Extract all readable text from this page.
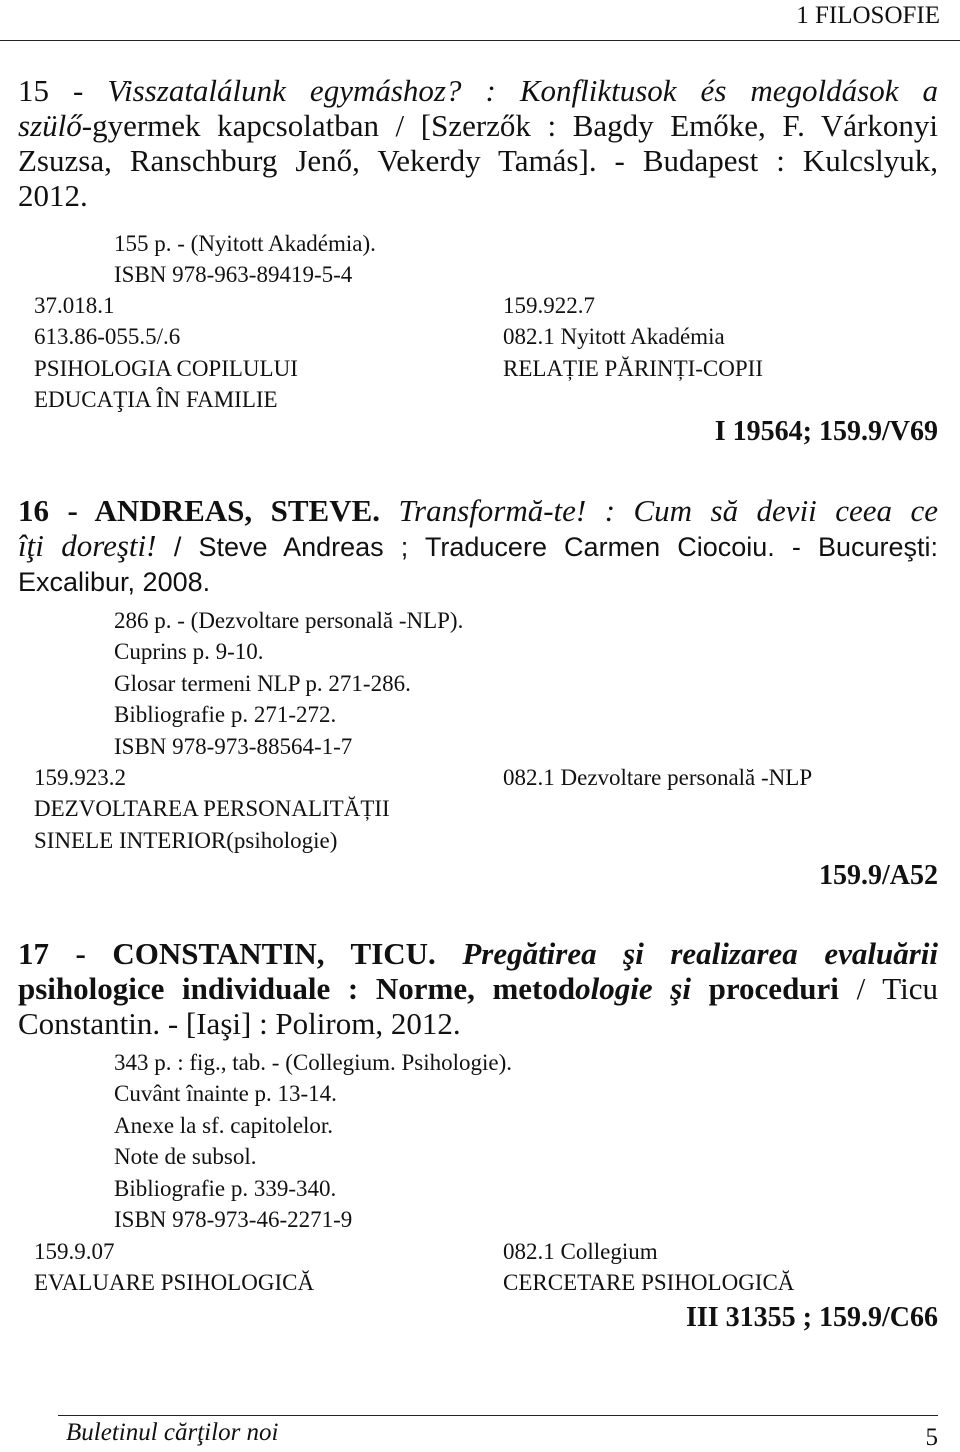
1 FILOSOFIE
15 - Visszatalálunk egymáshoz? : Konfliktusok és megoldások a
szülő-gyermek kapcsolatban / [Szerzők : Bagdy Emőke, F. Várkonyi
Zsuzsa, Ranschburg Jenő, Vekerdy Tamás]. - Budapest : Kulcslyuk,
2012.
155 p. - (Nyitott Akadémia).
ISBN 978-963-89419-5-4
37.018.1
613.86-055.5/.6
PSIHOLOGIA COPILULUI
EDUCAŢIA ÎN FAMILIE
159.922.7
082.1 Nyitott Akadémia
RELAȚIE PĂRINȚI-COPII
I 19564; 159.9/V69
16 - ANDREAS, STEVE. Transformă-te! : Cum să devii ceea ce
îţi doreşti! / Steve Andreas ; Traducere Carmen Ciocoiu. - Bucureşti:
Excalibur, 2008.
286 p. - (Dezvoltare personală -NLP).
Cuprins p. 9-10.
Glosar termeni NLP p. 271-286.
Bibliografie p. 271-272.
ISBN 978-973-88564-1-7
159.923.2
DEZVOLTAREA PERSONALITĂȚII
SINELE INTERIOR(psihologie)
082.1 Dezvoltare personală -NLP
159.9/A52
17 - CONSTANTIN, TICU. Pregătirea şi realizarea evaluării
psihologice individuale : Norme, metodologie şi proceduri / Ticu
Constantin. - [Iaşi] : Polirom, 2012.
343 p. : fig., tab. - (Collegium. Psihologie).
Cuvânt înainte p. 13-14.
Anexe la sf. capitolelor.
Note de subsol.
Bibliografie p. 339-340.
ISBN 978-973-46-2271-9
159.9.07
EVALUARE PSIHOLOGICĂ
082.1 Collegium
CERCETARE PSIHOLOGICĂ
III 31355 ; 159.9/C66
Buletinul cărţilor noi	5
